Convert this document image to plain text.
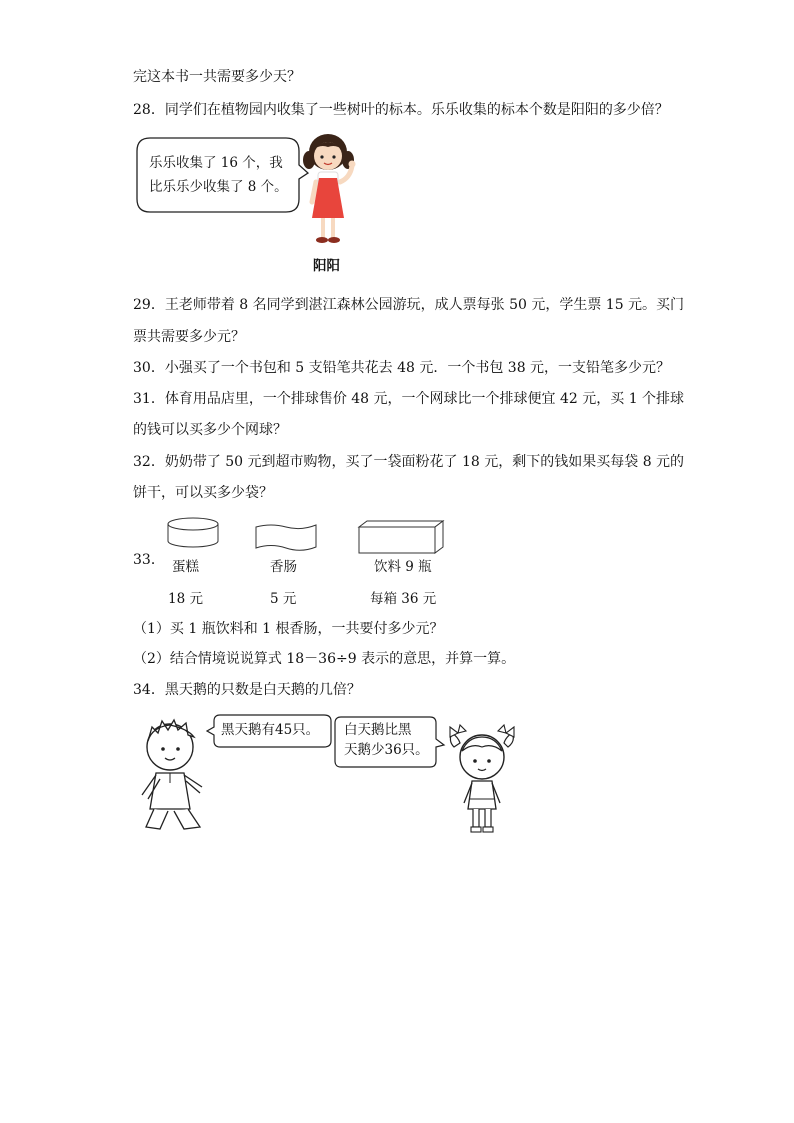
完这本书一共需要多少天？
28．同学们在植物园内收集了一些树叶的标本。乐乐收集的标本个数是阳阳的多少倍？
乐乐收集了 16 个，我
比乐乐少收集了 8 个。
阳阳
29．王老师带着 8 名同学到湛江森林公园游玩，成人票每张 50 元，学生票 15 元。买门
票共需要多少元？
30．小强买了一个书包和 5 支铅笔共花去 48 元．一个书包 38 元，一支铅笔多少元？
31．体育用品店里，一个排球售价 48 元，一个网球比一个排球便宜 42 元，买 1 个排球
的钱可以买多少个网球？
32．奶奶带了 50 元到超市购物，买了一袋面粉花了 18 元，剩下的钱如果买每袋 8 元的
饼干，可以买多少袋？
33． 蛋糕
18 元
香肠
5 元
饮料 9 瓶
每箱 36 元
（1）买 1 瓶饮料和 1 根香肠，一共要付多少元？
（2）结合情境说说算式 18－36÷9 表示的意思，并算一算。
34．黑天鹅的只数是白天鹅的几倍？
黑天鹅有45只。 白天鹅比黑
天鹅少36只。
